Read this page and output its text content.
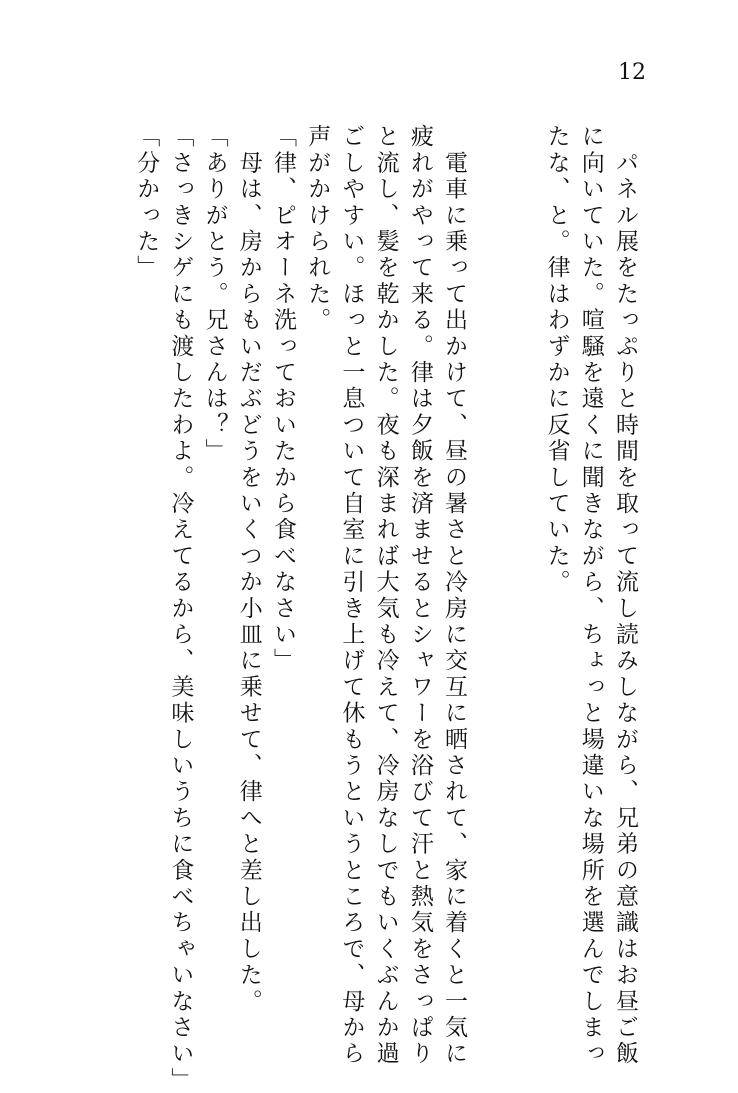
12
　パネル展をたっぷりと時間を取って流し読みしながら、兄弟の意識はお昼ご飯
に向いていた。喧騒を遠くに聞きながら、ちょっと場違いな場所を選んでしまっ
たな、と。律はわずかに反省していた。
　電車に乗って出かけて、昼の暑さと冷房に交互に晒されて、家に着くと一気に
疲れがやって来る。律は夕飯を済ませるとシャワーを浴びて汗と熱気をさっぱり
と流し、髪を乾かした。夜も深まれば大気も冷えて、冷房なしでもいくぶんか過
ごしやすい。ほっと一息ついて自室に引き上げて休もうというところで、母から
声がかけられた。
「律、ピオーネ洗っておいたから食べなさい」
　母は、房からもいだぶどうをいくつか小皿に乗せて、律へと差し出した。
「ありがとう。兄さんは？」
「さっきシゲにも渡したわよ。冷えてるから、美味しいうちに食べちゃいなさい」
「分かった」
